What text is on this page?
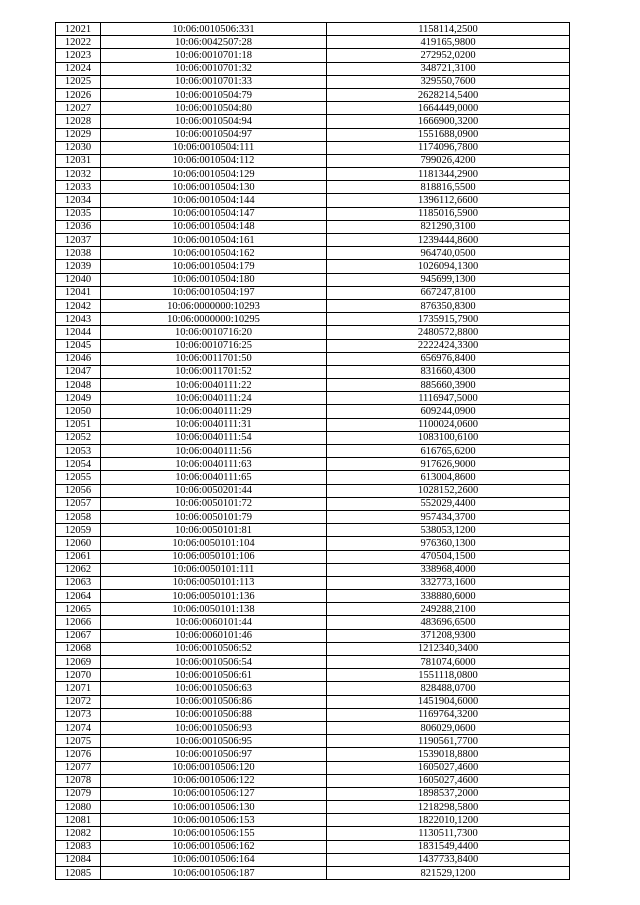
12021	10:06:0010506:331	1158114,2500
12022	10:06:0042507:28	419165,9800
12023	10:06:0010701:18	272952,0200
12024	10:06:0010701:32	348721,3100
12025	10:06:0010701:33	329550,7600
12026	10:06:0010504:79	2628214,5400
12027	10:06:0010504:80	1664449,0000
12028	10:06:0010504:94	1666900,3200
12029	10:06:0010504:97	1551688,0900
12030	10:06:0010504:111	1174096,7800
12031	10:06:0010504:112	799026,4200
12032	10:06:0010504:129	1181344,2900
12033	10:06:0010504:130	818816,5500
12034	10:06:0010504:144	1396112,6600
12035	10:06:0010504:147	1185016,5900
12036	10:06:0010504:148	821290,3100
12037	10:06:0010504:161	1239444,8600
12038	10:06:0010504:162	964740,0500
12039	10:06:0010504:179	1026094,1300
12040	10:06:0010504:180	945699,1300
12041	10:06:0010504:197	667247,8100
12042	10:06:0000000:10293	876350,8300
12043	10:06:0000000:10295	1735915,7900
12044	10:06:0010716:20	2480572,8800
12045	10:06:0010716:25	2222424,3300
12046	10:06:0011701:50	656976,8400
12047	10:06:0011701:52	831660,4300
12048	10:06:0040111:22	885660,3900
12049	10:06:0040111:24	1116947,5000
12050	10:06:0040111:29	609244,0900
12051	10:06:0040111:31	1100024,0600
12052	10:06:0040111:54	1083100,6100
12053	10:06:0040111:56	616765,6200
12054	10:06:0040111:63	917626,9000
12055	10:06:0040111:65	613004,8600
12056	10:06:0050201:44	1028152,2600
12057	10:06:0050101:72	552029,4400
12058	10:06:0050101:79	957434,3700
12059	10:06:0050101:81	538053,1200
12060	10:06:0050101:104	976360,1300
12061	10:06:0050101:106	470504,1500
12062	10:06:0050101:111	338968,4000
12063	10:06:0050101:113	332773,1600
12064	10:06:0050101:136	338880,6000
12065	10:06:0050101:138	249288,2100
12066	10:06:0060101:44	483696,6500
12067	10:06:0060101:46	371208,9300
12068	10:06:0010506:52	1212340,3400
12069	10:06:0010506:54	781074,6000
12070	10:06:0010506:61	1551118,0800
12071	10:06:0010506:63	828488,0700
12072	10:06:0010506:86	1451904,6000
12073	10:06:0010506:88	1169764,3200
12074	10:06:0010506:93	806029,0600
12075	10:06:0010506:95	1190561,7700
12076	10:06:0010506:97	1539018,8800
12077	10:06:0010506:120	1605027,4600
12078	10:06:0010506:122	1605027,4600
12079	10:06:0010506:127	1898537,2000
12080	10:06:0010506:130	1218298,5800
12081	10:06:0010506:153	1822010,1200
12082	10:06:0010506:155	1130511,7300
12083	10:06:0010506:162	1831549,4400
12084	10:06:0010506:164	1437733,8400
12085	10:06:0010506:187	821529,1200
